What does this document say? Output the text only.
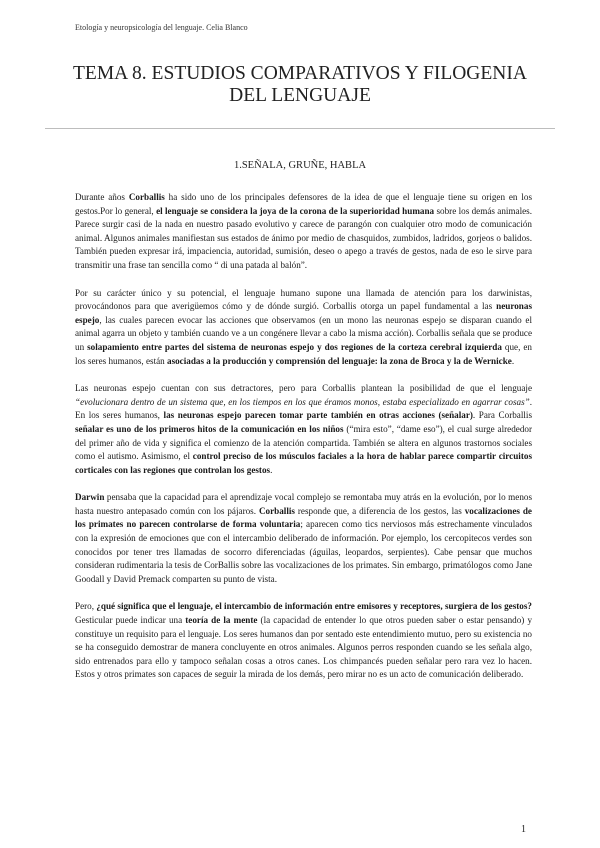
Etología y neuropsicología del lenguaje. Celia Blanco
TEMA 8. ESTUDIOS COMPARATIVOS Y FILOGENIA DEL LENGUAJE
1.SEÑALA, GRUÑE, HABLA

Durante años Corballis ha sido uno de los principales defensores de la idea de que el lenguaje tiene su origen en los gestos.Por lo general, el lenguaje se considera la joya de la corona de la superioridad humana sobre los demás animales. Parece surgir casi de la nada en nuestro pasado evolutivo y carece de parangón con cualquier otro modo de comunicación animal. Algunos animales manifiestan sus estados de ánimo por medio de chasquidos, zumbidos, ladridos, gorjeos o balidos. También pueden expresar irá, impaciencia, autoridad, sumisión, deseo o apego a través de gestos, nada de eso le sirve para transmitir una frase tan sencilla como “ di una patada al balón”.

Por su carácter único y su potencial, el lenguaje humano supone una llamada de atención para los darwinistas, provocándonos para que averigüemos cómo y de dónde surgió. Corballis otorga un papel fundamental a las neuronas espejo, las cuales parecen evocar las acciones que observamos (en un mono las neuronas espejo se disparan cuando el animal agarra un objeto y también cuando ve a un congénere llevar a cabo la misma acción). Corballis señala que se produce un solapamiento entre partes del sistema de neuronas espejo y dos regiones de la corteza cerebral izquierda que, en los seres humanos, están asociadas a la producción y comprensión del lenguaje: la zona de Broca y la de Wernicke.

Las neuronas espejo cuentan con sus detractores, pero para Corballis plantean la posibilidad de que el lenguaje “evolucionara dentro de un sistema que, en los tiempos en los que éramos monos, estaba especializado en agarrar cosas”. En los seres humanos, las neuronas espejo parecen tomar parte también en otras acciones (señalar). Para Corballis señalar es uno de los primeros hitos de la comunicación en los niños (“mira esto”, “dame eso”), el cual surge alrededor del primer año de vida y significa el comienzo de la atención compartida. También se altera en algunos trastornos sociales como el autismo. Asimismo, el control preciso de los músculos faciales a la hora de hablar parece compartir circuitos corticales con las regiones que controlan los gestos.

Darwin pensaba que la capacidad para el aprendizaje vocal complejo se remontaba muy atrás en la evolución, por lo menos hasta nuestro antepasado común con los pájaros. Corballis responde que, a diferencia de los gestos, las vocalizaciones de los primates no parecen controlarse de forma voluntaria; aparecen como tics nerviosos más estrechamente vinculados con la expresión de emociones que con el intercambio deliberado de información. Por ejemplo, los cercopitecos verdes son conocidos por tener tres llamadas de socorro diferenciadas (águilas, leopardos, serpientes). Cabe pensar que muchos consideran rudimentaria la tesis de CorBallis sobre las vocalizaciones de los primates. Sin embargo, primatólogos como Jane Goodall y David Premack comparten su punto de vista.

Pero, ¿qué significa que el lenguaje, el intercambio de información entre emisores y receptores, surgiera de los gestos? Gesticular puede indicar una teoría de la mente (la capacidad de entender lo que otros pueden saber o estar pensando) y constituye un requisito para el lenguaje. Los seres humanos dan por sentado este entendimiento mutuo, pero su existencia no se ha conseguido demostrar de manera concluyente en otros animales. Algunos perros responden cuando se les señala algo, sido entrenados para ello y tampoco señalan cosas a otros canes. Los chimpancés pueden señalar pero rara vez lo hacen. Estos y otros primates son capaces de seguir la mirada de los demás, pero mirar no es un acto de comunicación deliberado.

1
